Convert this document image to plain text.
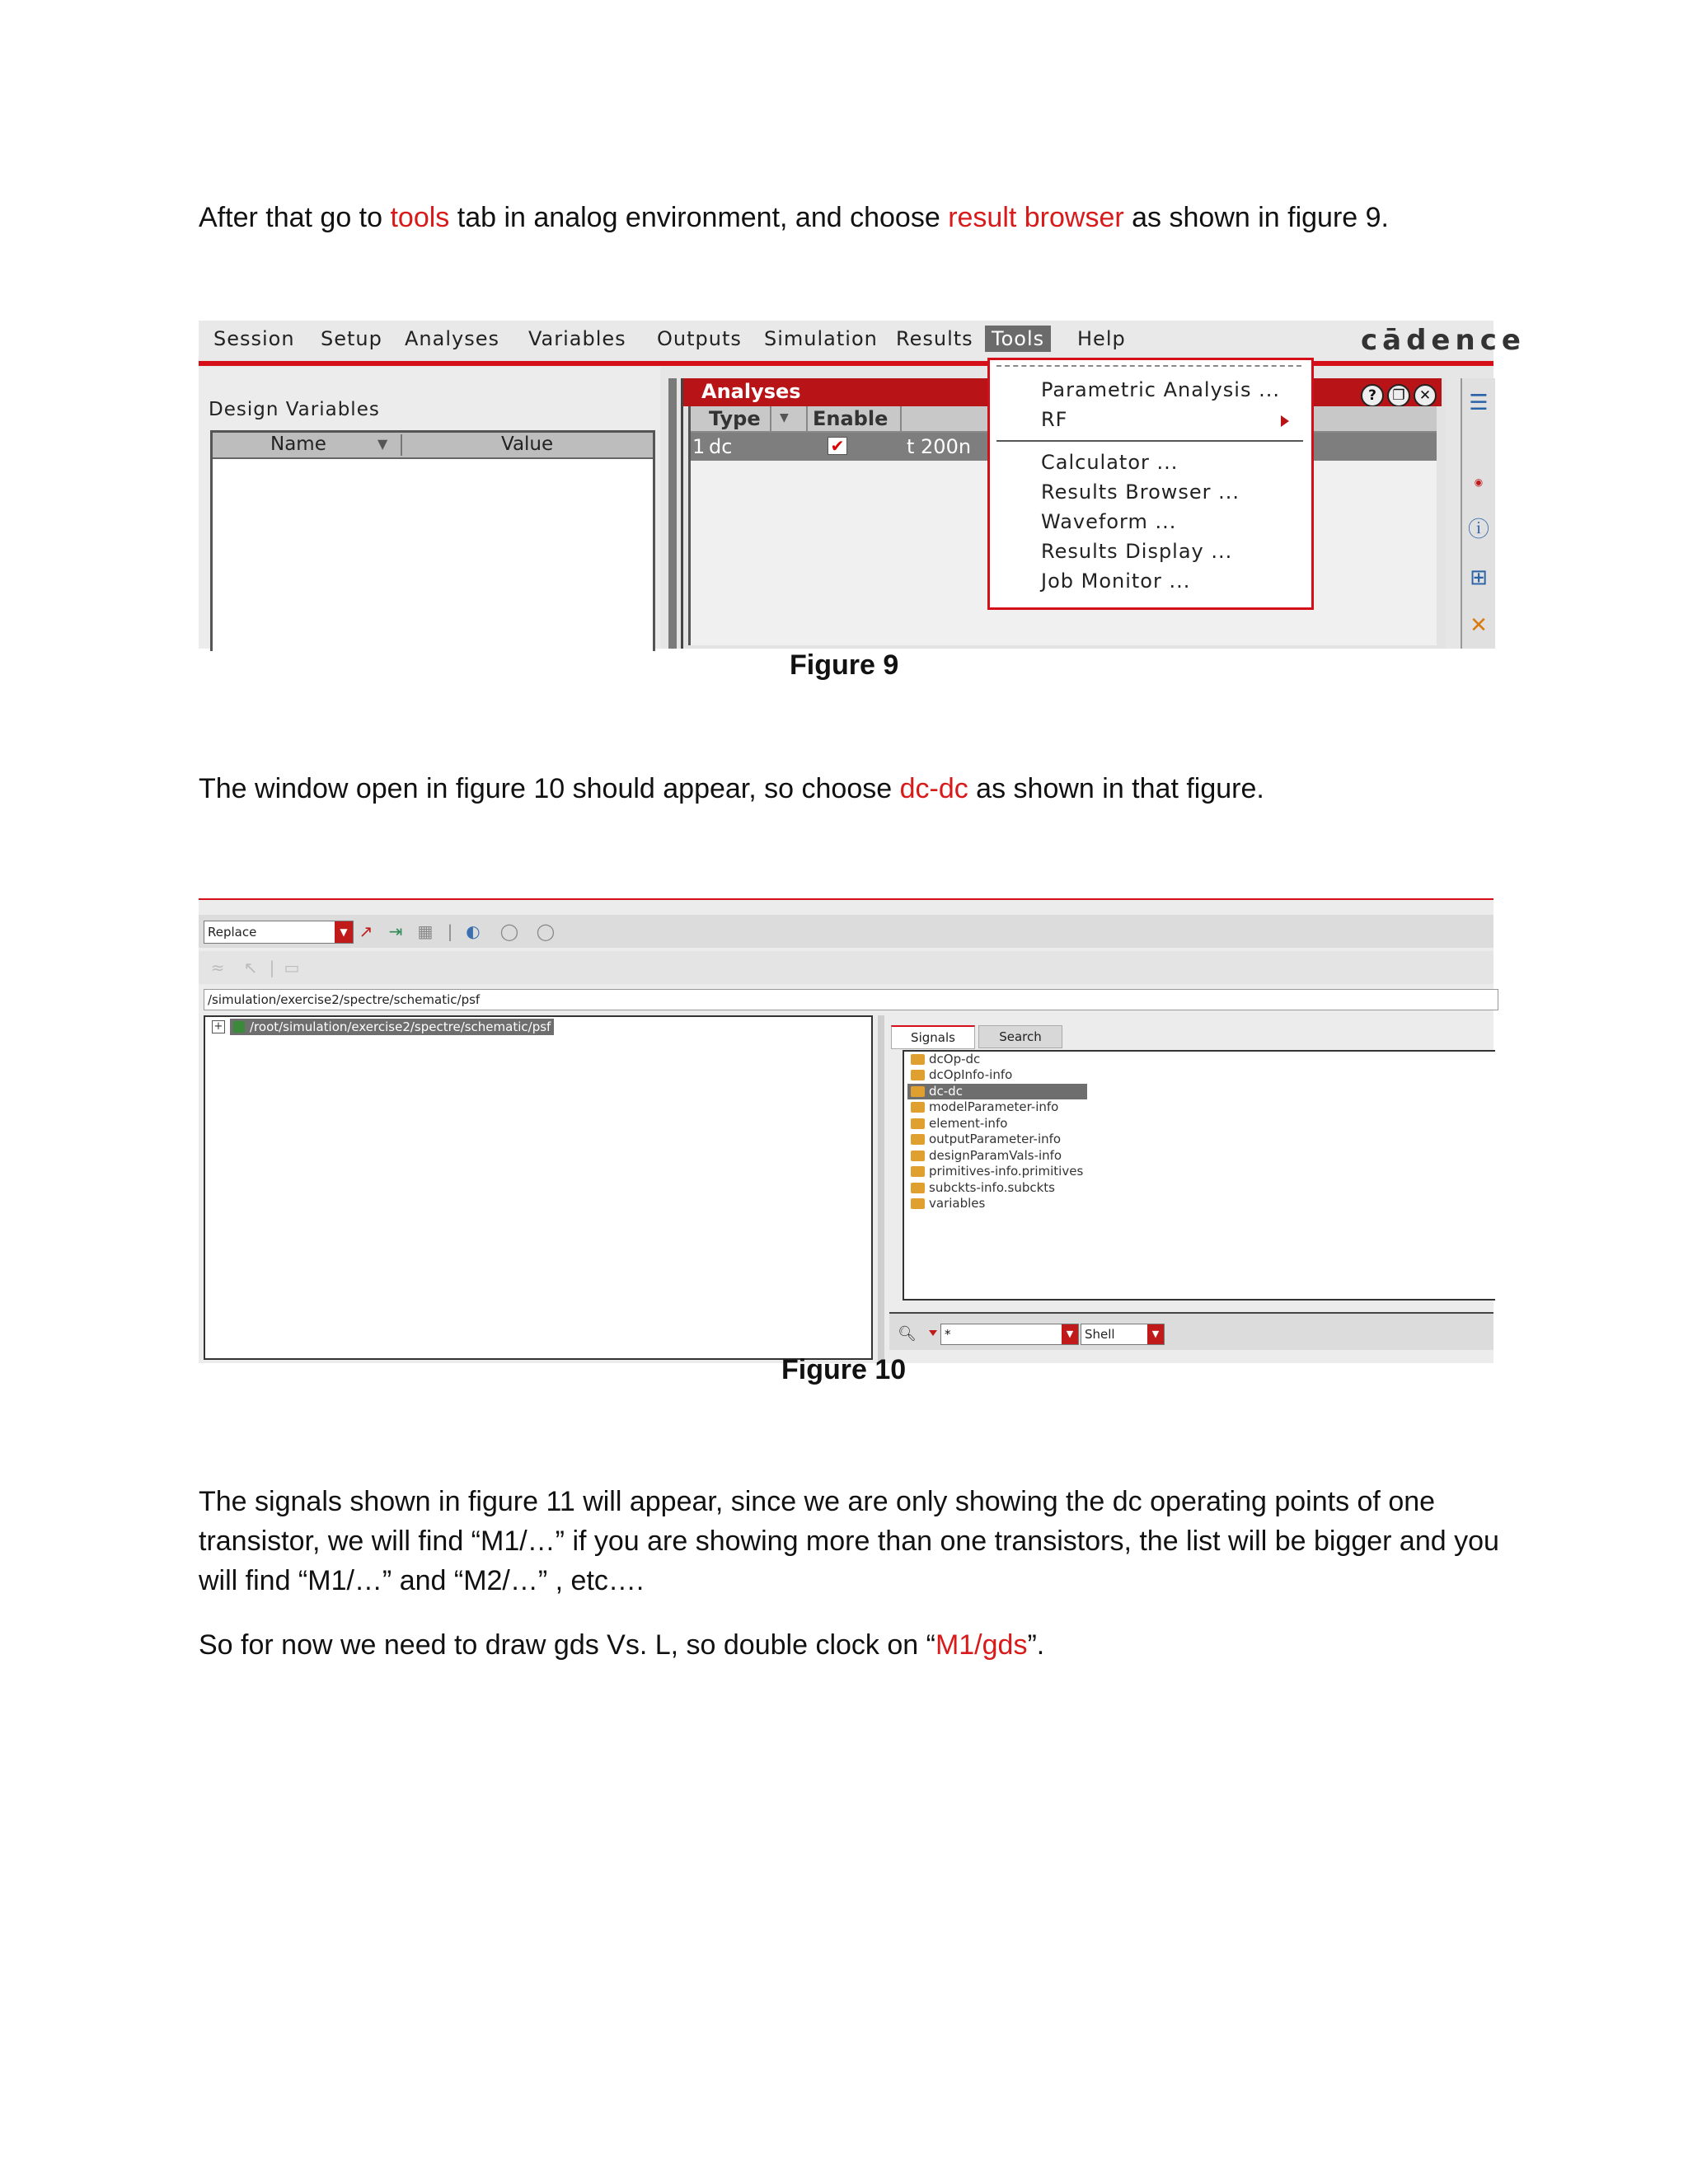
After that go to tools tab in analog environment, and choose result browser as shown in figure 9.

Session Setup Analyses Variables Outputs Simulation Results Tools	Help	cādence
Design Variables
Name	▼	Value
Analyses	? ❐ ✕
Type ▼ Enable
1 dc	✔	t 200n
Parametric Analysis ...
RF
Calculator ...
Results Browser ...
Waveform ...
Results Display ...
Job Monitor ...
☰
◉
ⓘ
⊞
✕
Figure 9

The window open in figure 10 should appear, so choose dc-dc as shown in that figure.

Replace	▼ ↗ ⇥ ▦ | ◐ ◯ ◯
≈ ↖ | ▭
/simulation/exercise2/spectre/schematic/psf
+	/root/simulation/exercise2/spectre/schematic/psf
Signals	Search
dcOp-dc
dcOpInfo-info
dc-dc
modelParameter-info
element-info
outputParameter-info
designParamVals-info
primitives-info.primitives
subckts-info.subckts
variables
🔍︎	*	▼ Shell	▼
Figure 10

The signals shown in figure 11 will appear, since we are only showing the dc operating points of one transistor, we will find “M1/…” if you are showing more than one transistors, the list will be bigger and you will find “M1/…” and “M2/…” , etc….

So for now we need to draw gds Vs. L, so double clock on “M1/gds”.
